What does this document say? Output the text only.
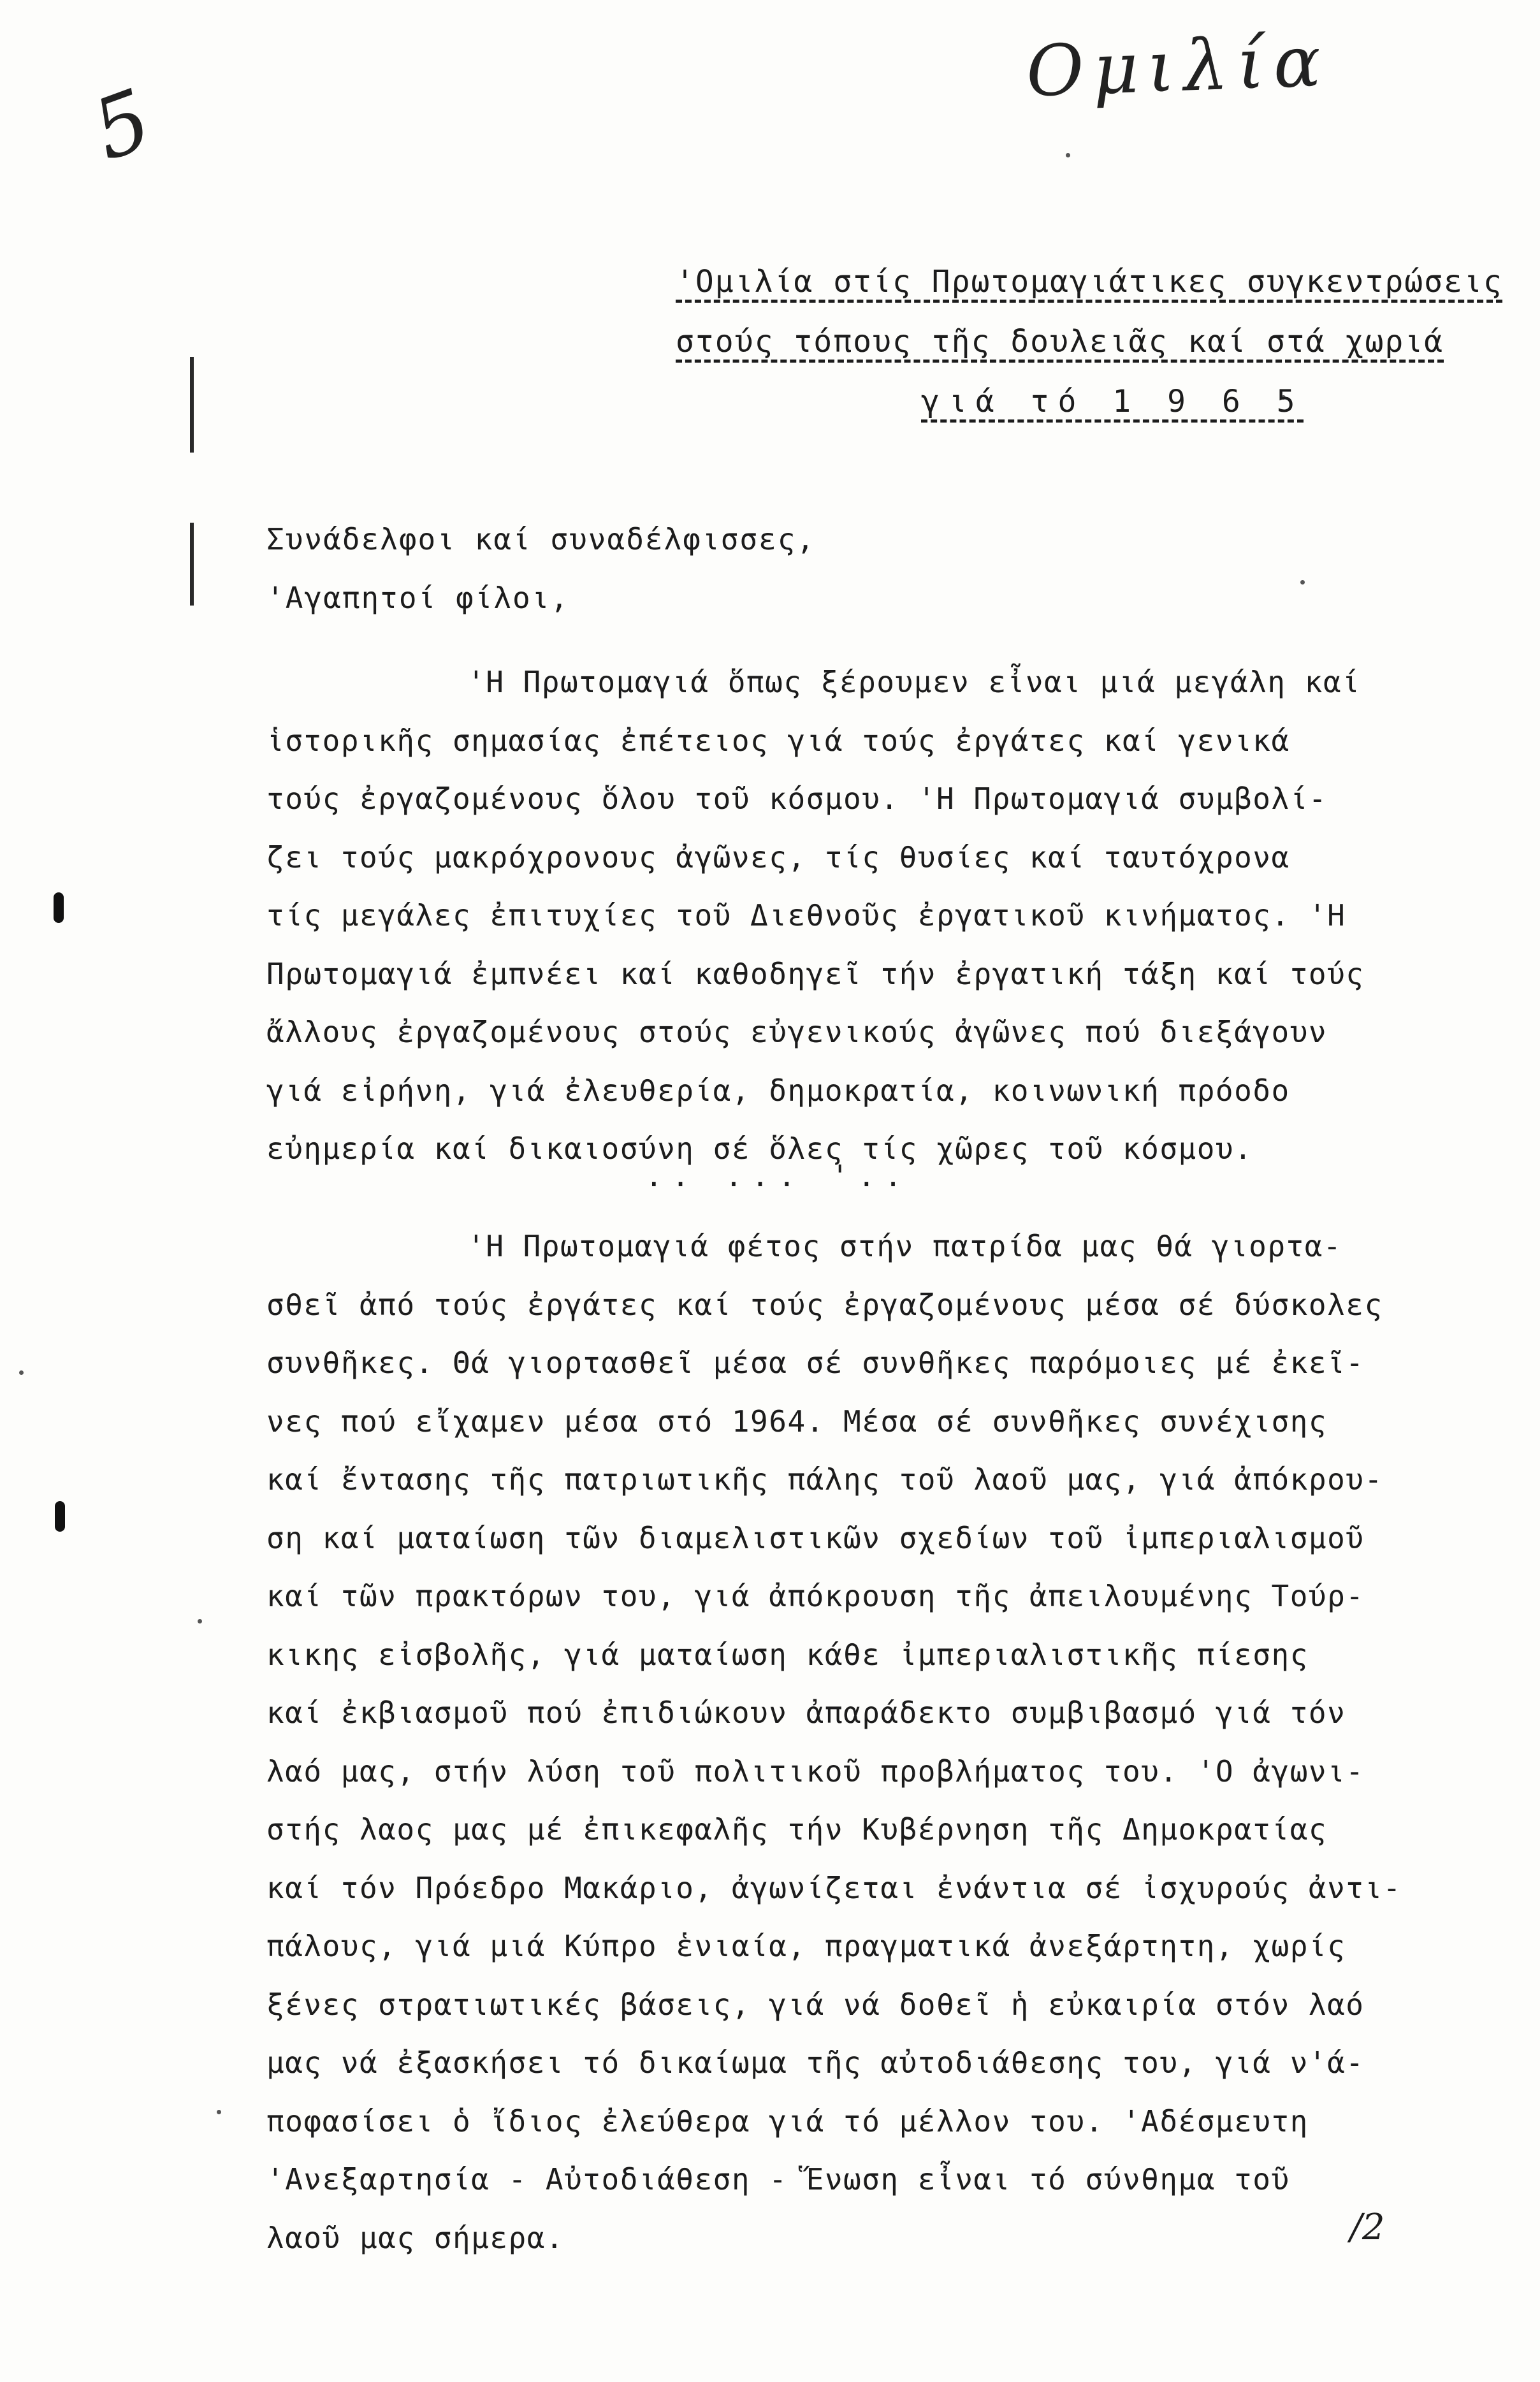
Ομιλία
5
'Ομιλία στίς Πρωτομαγιάτικες συγκεντρώσεις
στούς τόπους τῆς δουλειᾶς καί στά χωριά
γιά τό 1 9 6 5
Συνάδελφοι καί συναδέλφισσες,
'Αγαπητοί φίλοι,
'Η Πρωτομαγιά ὅπως ξέρουμεν εἶναι μιά μεγάλη καί
ἱστορικῆς σημασίας ἐπέτειος γιά τούς ἐργάτες καί γενικά
τούς ἐργαζομένους ὅλου τοῦ κόσμου. 'Η Πρωτομαγιά συμβολί-
ζει τούς μακρόχρονους ἀγῶνες, τίς θυσίες καί ταυτόχρονα
τίς μεγάλες ἐπιτυχίες τοῦ Διεθνοῦς ἐργατικοῦ κινήματος. 'Η
Πρωτομαγιά ἐμπνέει καί καθοδηγεῖ τήν ἐργατική τάξη καί τούς
ἄλλους ἐργαζομένους στούς εὐγενικούς ἀγῶνες πού διεξάγουν
γιά εἰρήνη, γιά ἐλευθερία, δημοκρατία, κοινωνική πρόοδο
εὐημερία καί δικαιοσύνη σέ ὅλες τίς χῶρες τοῦ κόσμου.
.. ... '..
'Η Πρωτομαγιά φέτος στήν πατρίδα μας θά γιορτα-
σθεῖ ἀπό τούς ἐργάτες καί τούς ἐργαζομένους μέσα σέ δύσκολες
συνθῆκες. Θά γιορτασθεῖ μέσα σέ συνθῆκες παρόμοιες μέ ἐκεῖ-
νες πού εἴχαμεν μέσα στό 1964. Μέσα σέ συνθῆκες συνέχισης
καί ἔντασης τῆς πατριωτικῆς πάλης τοῦ λαοῦ μας, γιά ἀπόκρου-
ση καί ματαίωση τῶν διαμελιστικῶν σχεδίων τοῦ ἰμπεριαλισμοῦ
καί τῶν πρακτόρων του, γιά ἀπόκρουση τῆς ἀπειλουμένης Τούρ-
κικης εἰσβολῆς, γιά ματαίωση κάθε ἰμπεριαλιστικῆς πίεσης
καί ἐκβιασμοῦ πού ἐπιδιώκουν ἀπαράδεκτο συμβιβασμό γιά τόν
λαό μας, στήν λύση τοῦ πολιτικοῦ προβλήματος του. 'Ο ἀγωνι-
στής λαος μας μέ ἐπικεφαλῆς τήν Κυβέρνηση τῆς Δημοκρατίας
καί τόν Πρόεδρο Μακάριο, ἀγωνίζεται ἐνάντια σέ ἰσχυρούς ἀντι-
πάλους, γιά μιά Κύπρο ἑνιαία, πραγματικά ἀνεξάρτητη, χωρίς
ξένες στρατιωτικές βάσεις, γιά νά δοθεῖ ἡ εὐκαιρία στόν λαό
μας νά ἐξασκήσει τό δικαίωμα τῆς αὐτοδιάθεσης του, γιά ν'ά-
ποφασίσει ὁ ἴδιος ἐλεύθερα γιά τό μέλλον του. 'Αδέσμευτη
'Ανεξαρτησία - Αὐτοδιάθεση - Ἕνωση εἶναι τό σύνθημα τοῦ
λαοῦ μας σήμερα.	/2
